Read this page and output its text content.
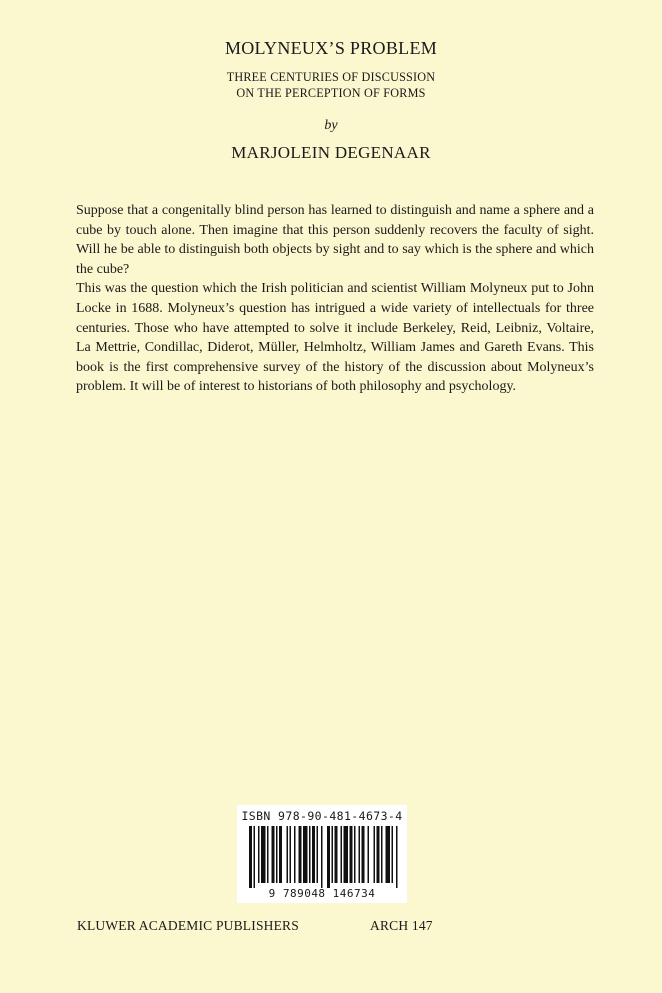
MOLYNEUX’S PROBLEM
THREE CENTURIES OF DISCUSSION
ON THE PERCEPTION OF FORMS
by
MARJOLEIN DEGENAAR

Suppose that a congenitally blind person has learned to distinguish and name a sphere and a cube by touch alone. Then imagine that this person suddenly recovers the faculty of sight. Will he be able to distinguish both objects by sight and to say which is the sphere and which the cube?

This was the question which the Irish politician and scientist William Molyneux put to John Locke in 1688. Molyneux’s question has intrigued a wide variety of intellectuals for three centuries. Those who have attempted to solve it include Berkeley, Reid, Leibniz, Voltaire, La Mettrie, Condillac, Diderot, Müller, Helmholtz, William James and Gareth Evans. This book is the first comprehensive survey of the history of the discussion about Molyneux’s problem. It will be of interest to historians of both philosophy and psychology.

ISBN 978-90-481-4673-4
9 789048 146734
KLUWER ACADEMIC PUBLISHERS	ARCH 147
